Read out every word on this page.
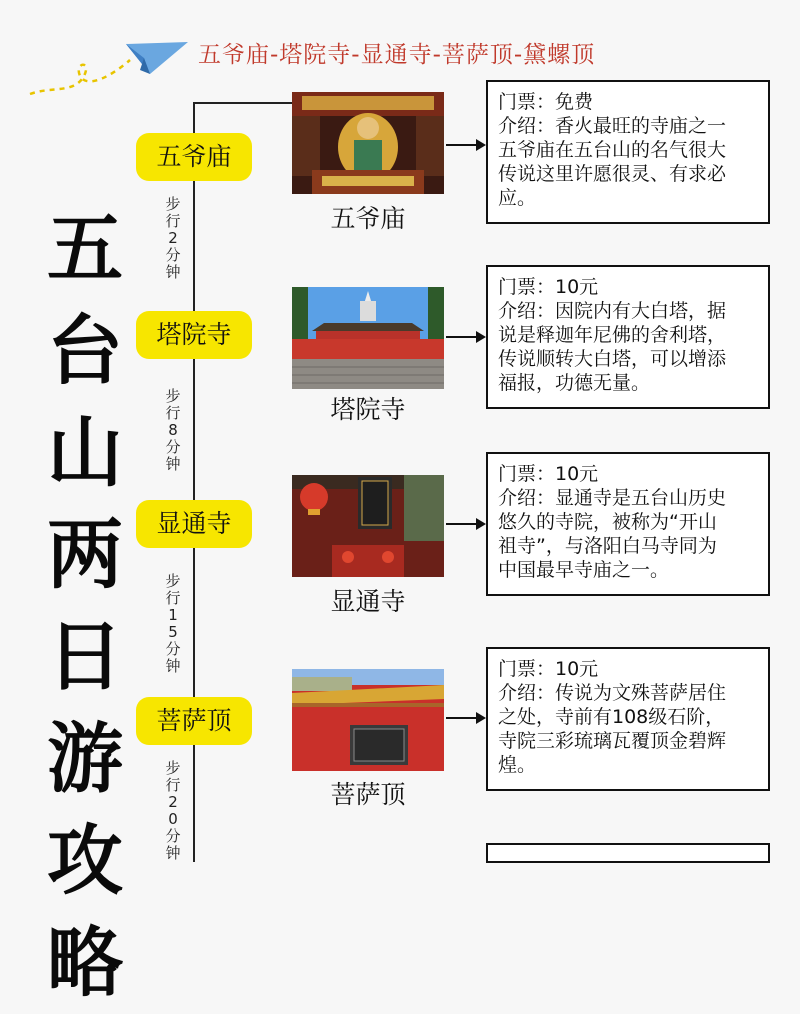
五爷庙-塔院寺-显通寺-菩萨顶-黛螺顶
五
台
山
两
日
游
攻
略
五爷庙
塔院寺
显通寺
菩萨顶
步
行
2
分
钟
步
行
8
分
钟
步
行
1
5
分
钟
步
行
2
0
分
钟
五爷庙
塔院寺
显通寺
菩萨顶
门票：免费
介绍：香火最旺的寺庙之一
五爷庙在五台山的名气很大
传说这里许愿很灵、有求必
应。
门票：10元
介绍：因院内有大白塔，据
说是释迦年尼佛的舍利塔，
传说顺转大白塔，可以增添
福报，功德无量。
门票：10元
介绍：显通寺是五台山历史
悠久的寺院，被称为“开山
祖寺”，与洛阳白马寺同为
中国最早寺庙之一。
门票：10元
介绍：传说为文殊菩萨居住
之处，寺前有108级石阶，
寺院三彩琉璃瓦覆顶金碧辉
煌。
